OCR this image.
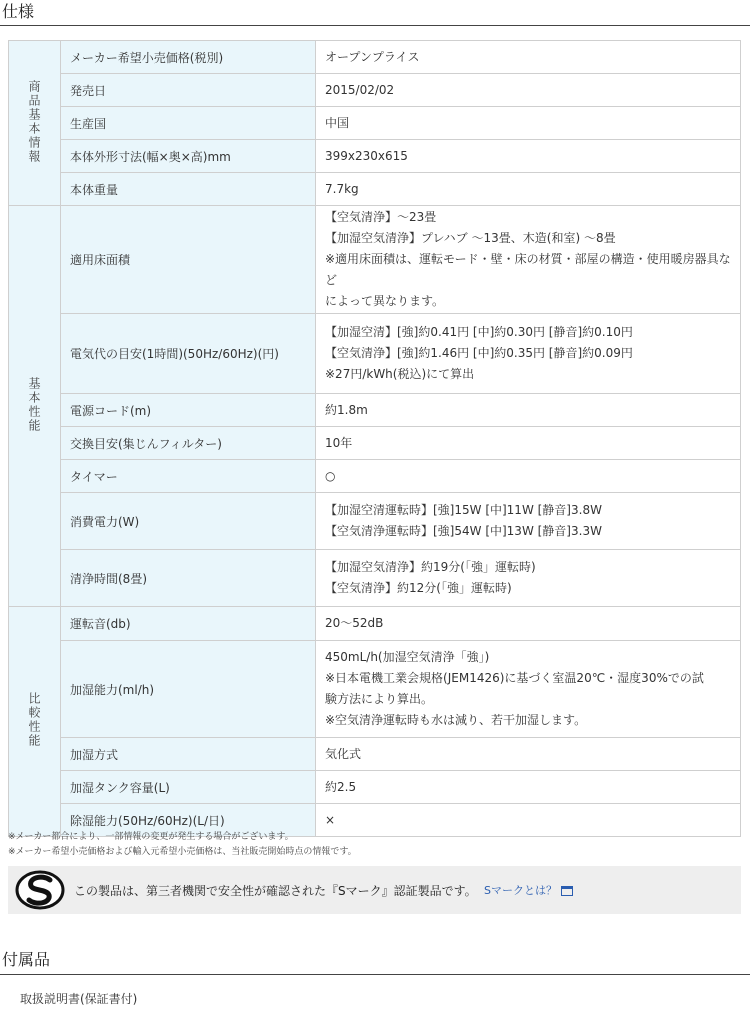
仕様
商品基本情報	メーカー希望小売価格(税別)	オープンプライス

	発売日	2015/02/02

	生産国	中国

	本体外形寸法(幅×奥×高)mm	399x230x615

	本体重量	7.7kg

基本性能	適用床面積	【空気清浄】～23畳
【加湿空気清浄】プレハブ ～13畳、木造(和室) ～8畳
※適用床面積は、運転モード・壁・床の材質・部屋の構造・使用暖房器具など
によって異なります。

	電気代の目安(1時間)(50Hz/60Hz)(円)	【加湿空清】[強]約0.41円 [中]約0.30円 [静音]約0.10円
【空気清浄】[強]約1.46円 [中]約0.35円 [静音]約0.09円
※27円/kWh(税込)にて算出

	電源コード(m)	約1.8m

	交換目安(集じんフィルター)	10年

	タイマー	○

	消費電力(W)	【加湿空清運転時】[強]15W [中]11W [静音]3.8W
【空気清浄運転時】[強]54W [中]13W [静音]3.3W

	清浄時間(8畳)	【加湿空気清浄】約19分(「強」運転時)
【空気清浄】約12分(「強」運転時)

比較性能	運転音(db)	20～52dB

	加湿能力(ml/h)	450mL/h(加湿空気清浄「強」)
※日本電機工業会規格(JEM1426)に基づく室温20℃・湿度30%での試
験方法により算出。
※空気清浄運転時も水は減り、若干加湿します。

	加湿方式	気化式

	加湿タンク容量(L)	約2.5

	除湿能力(50Hz/60Hz)(L/日)	×
※メーカー都合により、一部情報の変更が発生する場合がございます。
※メーカー希望小売価格および輸入元希望小売価格は、当社販売開始時点の情報です。
この製品は、第三者機関で安全性が確認された『Sマーク』認証製品です。 Sマークとは？
付属品
取扱説明書(保証書付)
